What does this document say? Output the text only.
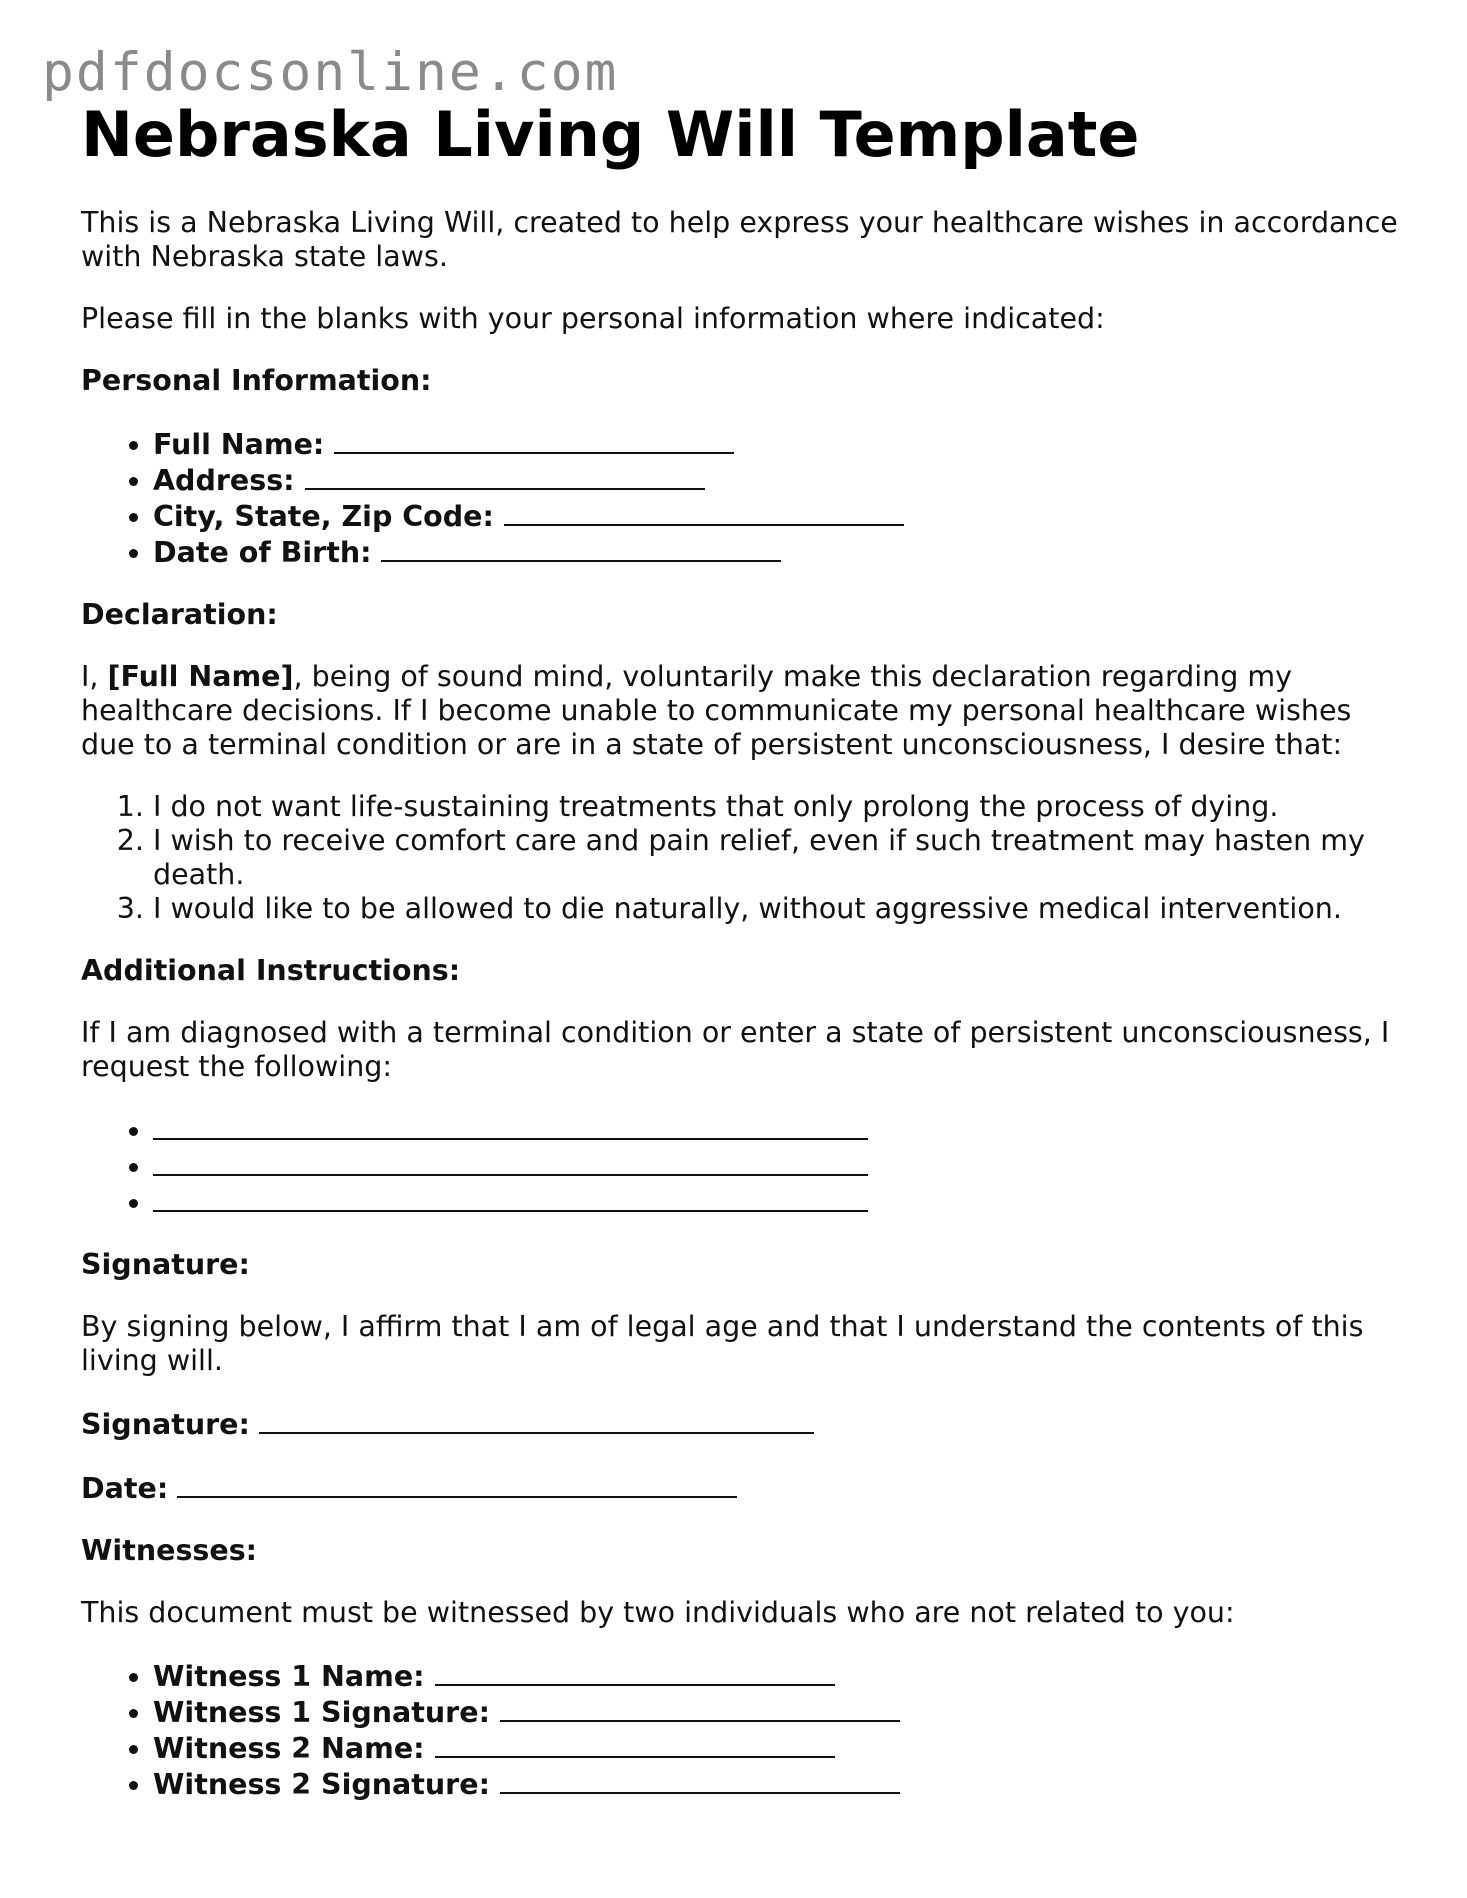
pdfdocsonline.com
Nebraska Living Will Template

This is a Nebraska Living Will, created to help express your healthcare wishes in accordance with Nebraska state laws.

Please fill in the blanks with your personal information where indicated:

Personal Information:

• Full Name:
• Address:
• City, State, Zip Code:
• Date of Birth:

Declaration:

I, [Full Name], being of sound mind, voluntarily make this declaration regarding my healthcare decisions. If I become unable to communicate my personal healthcare wishes due to a terminal condition or are in a state of persistent unconsciousness, I desire that:

1. I do not want life-sustaining treatments that only prolong the process of dying.
2. I wish to receive comfort care and pain relief, even if such treatment may hasten my death.
3. I would like to be allowed to die naturally, without aggressive medical intervention.

Additional Instructions:

If I am diagnosed with a terminal condition or enter a state of persistent unconsciousness, I request the following:

•
•
•

Signature:

By signing below, I affirm that I am of legal age and that I understand the contents of this living will.

Signature:

Date:

Witnesses:

This document must be witnessed by two individuals who are not related to you:

• Witness 1 Name:
• Witness 1 Signature:
• Witness 2 Name:
• Witness 2 Signature:
